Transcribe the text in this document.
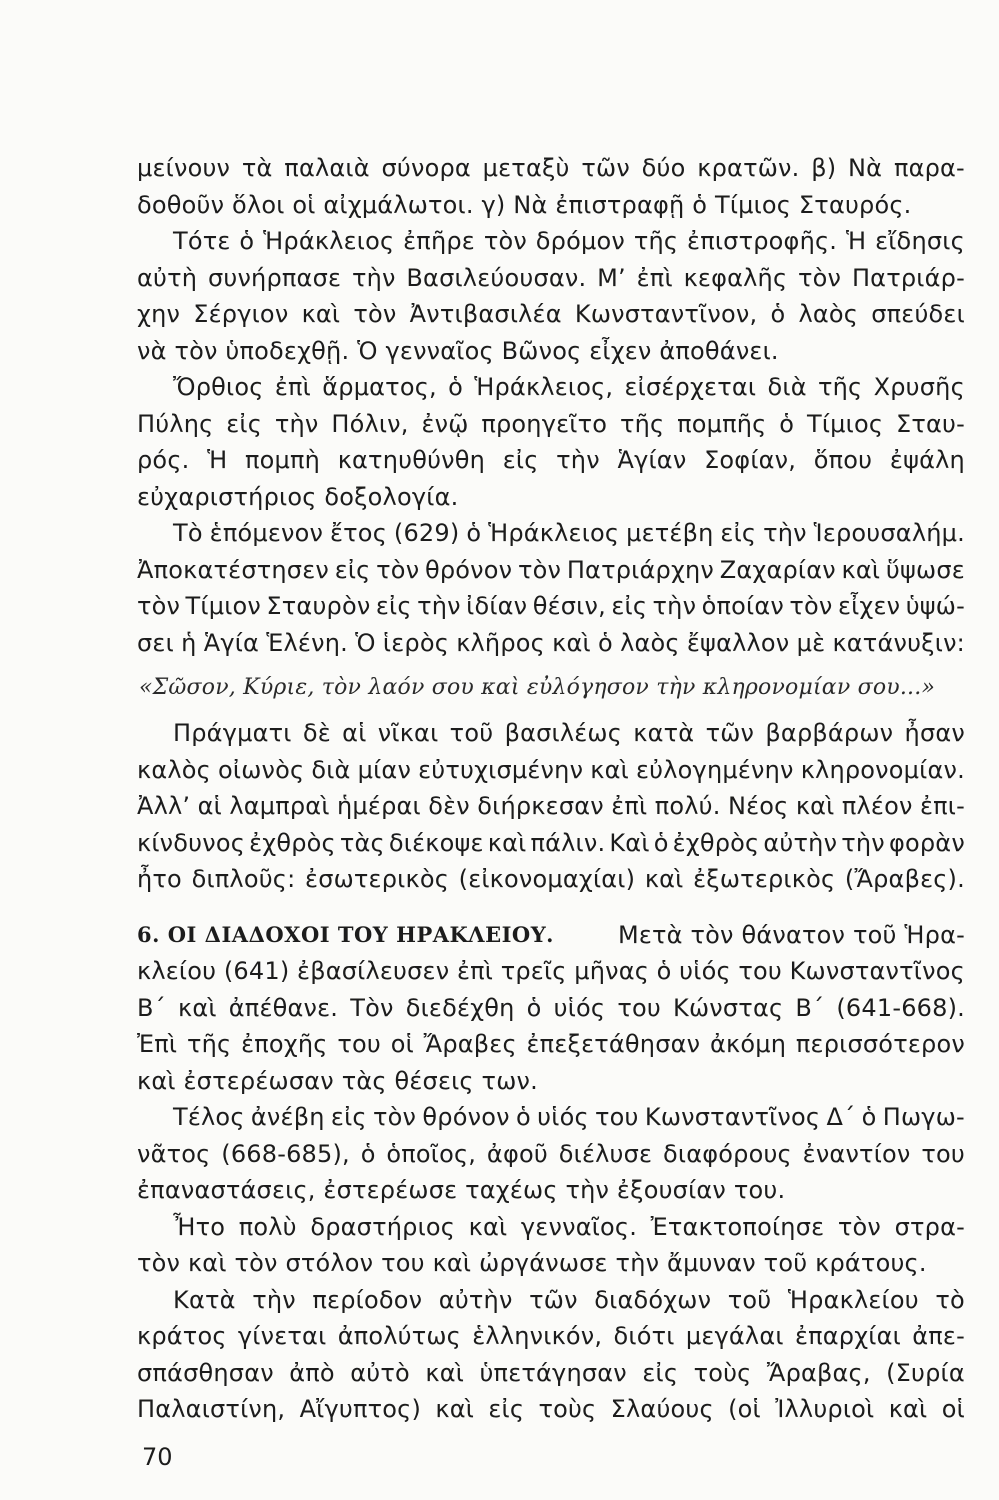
μείνουν τὰ παλαιὰ σύνορα μεταξὺ τῶν δύο κρατῶν. β) Νὰ παρα-
δοθοῦν ὅλοι οἱ αἰχμάλωτοι. γ) Νὰ ἐπιστραφῇ ὁ Τίμιος Σταυρός.
Τότε ὁ Ἡράκλειος ἐπῆρε τὸν δρόμον τῆς ἐπιστροφῆς. Ἡ εἴδησις
αὐτὴ συνήρπασε τὴν Βασιλεύουσαν. Μ’ ἐπὶ κεφαλῆς τὸν Πατριάρ-
χην Σέργιον καὶ τὸν Ἀντιβασιλέα Κωνσταντῖνον, ὁ λαὸς σπεύδει
νὰ τὸν ὑποδεχθῇ. Ὁ γενναῖος Βῶνος εἶχεν ἀποθάνει.
Ὄρθιος ἐπὶ ἅρματος, ὁ Ἡράκλειος, εἰσέρχεται διὰ τῆς Χρυσῆς
Πύλης εἰς τὴν Πόλιν, ἐνῷ προηγεῖτο τῆς πομπῆς ὁ Τίμιος Σταυ-
ρός. Ἡ πομπὴ κατηυθύνθη εἰς τὴν Ἁγίαν Σοφίαν, ὅπου ἐψάλη
εὐχαριστήριος δοξολογία.
Τὸ ἑπόμενον ἔτος (629) ὁ Ἡράκλειος μετέβη εἰς τὴν Ἱερουσαλήμ.
Ἀποκατέστησεν εἰς τὸν θρόνον τὸν Πατριάρχην Ζαχαρίαν καὶ ὕψωσε
τὸν Τίμιον Σταυρὸν εἰς τὴν ἰδίαν θέσιν, εἰς τὴν ὁποίαν τὸν εἶχεν ὑψώ-
σει ἡ Ἁγία Ἑλένη. Ὁ ἱερὸς κλῆρος καὶ ὁ λαὸς ἔψαλλον μὲ κατάνυξιν:
«Σῶσον, Κύριε, τὸν λαόν σου καὶ εὐλόγησον τὴν κληρονομίαν σου...»
Πράγματι δὲ αἱ νῖκαι τοῦ βασιλέως κατὰ τῶν βαρβάρων ἦσαν
καλὸς οἰωνὸς διὰ μίαν εὐτυχισμένην καὶ εὐλογημένην κληρονομίαν.
Ἀλλ’ αἱ λαμπραὶ ἡμέραι δὲν διήρκεσαν ἐπὶ πολύ. Νέος καὶ πλέον ἐπι-
κίνδυνος ἐχθρὸς τὰς διέκοψε καὶ πάλιν. Καὶ ὁ ἐχθρὸς αὐτὴν τὴν φορὰν
ἦτο διπλοῦς: ἐσωτερικὸς (εἰκονομαχίαι) καὶ ἐξωτερικὸς (Ἄραβες).
6. ΟΙ ΔΙΑΔΟΧΟΙ ΤΟΥ ΗΡΑΚΛΕΙΟΥ.	Μετὰ τὸν θάνατον τοῦ Ἡρα-
κλείου (641) ἐβασίλευσεν ἐπὶ τρεῖς μῆνας ὁ υἱός του Κωνσταντῖνος
Β΄ καὶ ἀπέθανε. Τὸν διεδέχθη ὁ υἱός του Κώνστας Β΄ (641-668).
Ἐπὶ τῆς ἐποχῆς του οἱ Ἄραβες ἐπεξετάθησαν ἀκόμη περισσότερον
καὶ ἐστερέωσαν τὰς θέσεις των.
Τέλος ἀνέβη εἰς τὸν θρόνον ὁ υἱός του Κωνσταντῖνος Δ΄ ὁ Πωγω-
νᾶτος (668-685), ὁ ὁποῖος, ἀφοῦ διέλυσε διαφόρους ἐναντίον του
ἐπαναστάσεις, ἐστερέωσε ταχέως τὴν ἐξουσίαν του.
Ἦτο πολὺ δραστήριος καὶ γενναῖος. Ἐτακτοποίησε τὸν στρα-
τὸν καὶ τὸν στόλον του καὶ ὠργάνωσε τὴν ἄμυναν τοῦ κράτους.
Κατὰ τὴν περίοδον αὐτὴν τῶν διαδόχων τοῦ Ἡρακλείου τὸ
κράτος γίνεται ἀπολύτως ἑλληνικόν, διότι μεγάλαι ἐπαρχίαι ἀπε-
σπάσθησαν ἀπὸ αὐτὸ καὶ ὑπετάγησαν εἰς τοὺς Ἄραβας, (Συρία
Παλαιστίνη, Αἴγυπτος) καὶ εἰς τοὺς Σλαύους (οἱ Ἰλλυριοὶ καὶ οἱ
70
